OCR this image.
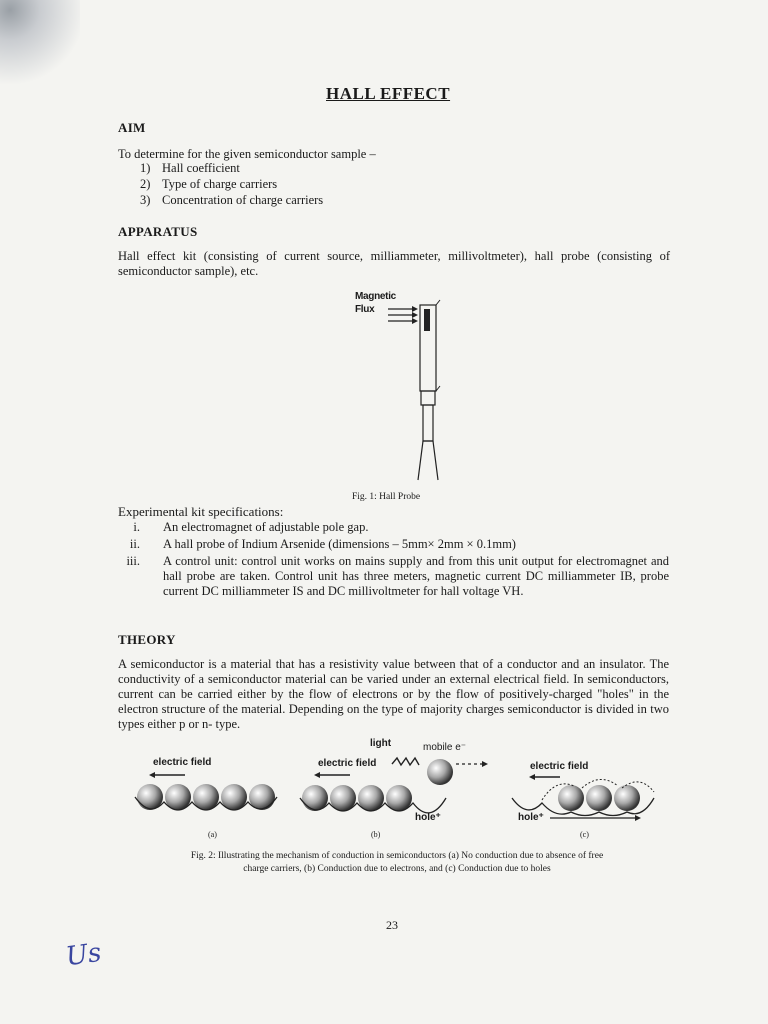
HALL EFFECT
AIM
To determine for the given semiconductor sample –
1) Hall coefficient
2) Type of charge carriers
3) Concentration of charge carriers
APPARATUS
Hall effect kit (consisting of current source, milliammeter, millivoltmeter), hall probe (consisting of semiconductor sample), etc.
Magnetic
Flux
Fig. 1: Hall Probe
Experimental kit specifications:
i. An electromagnet of adjustable pole gap.
ii. A hall probe of Indium Arsenide (dimensions – 5mm× 2mm × 0.1mm)
iii. A control unit: control unit works on mains supply and from this unit output for electromagnet and hall probe are taken. Control unit has three meters, magnetic current DC milliammeter IB, probe current DC milliammeter IS and DC millivoltmeter for hall voltage VH.
THEORY
A semiconductor is a material that has a resistivity value between that of a conductor and an insulator. The conductivity of a semiconductor material can be varied under an external electrical field. In semiconductors, current can be carried either by the flow of electrons or by the flow of positively-charged "holes" in the electron structure of the material. Depending on the type of majority charges semiconductor is divided in two types either p or n- type.
electric field	electric field	electric field
light	mobile e⁻
hole⁺	hole⁺
(a)	(b)	(c)
Fig. 2: Illustrating the mechanism of conduction in semiconductors (a) No conduction due to absence of free
charge carriers, (b) Conduction due to electrons, and (c) Conduction due to holes
23
Us
